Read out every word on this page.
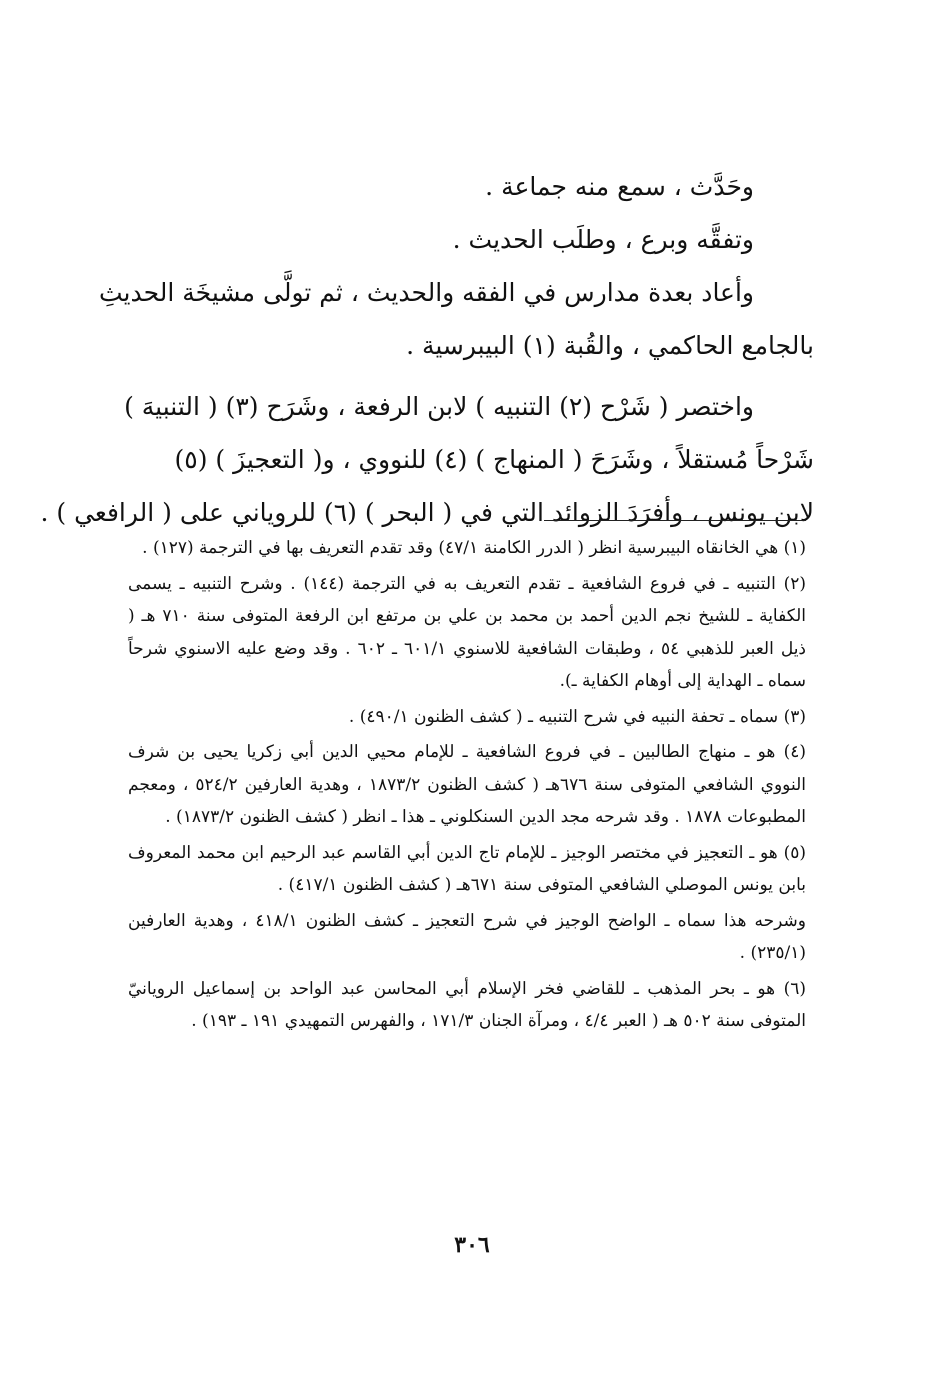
وحَدَّث ، سمع منه جماعة .

وتفقَّه وبرع ، وطلَب الحديث .

وأعاد بعدة مدارس في الفقه والحديث ، ثم تولَّى مشيخَة الحديثِ

بالجامع الحاكمي ، والقُبة (١) البيبرسية .

واختصر ( شَرْح (٢) التنبيه ) لابن الرفعة ، وشَرَح (٣) ( التنبيهَ )

شَرْحاً مُستقلاً ، وشَرَحَ ( المنهاج ) (٤) للنووي ، و( التعجيزَ ) (٥)

لابن يونس ، وأفرَدَ الزوائد التي في ( البحر ) (٦) للروياني على ( الرافعي ) .

(١) هي الخانقاه البيبرسية انظر ( الدرر الكامنة ٤٧/١) وقد تقدم التعريف بها في الترجمة (١٢٧) .

(٢) التنبيه ـ في فروع الشافعية ـ تقدم التعريف به في الترجمة (١٤٤) . وشرح التنبيه ـ يسمى الكفاية ـ للشيخ نجم الدين أحمد بن محمد بن علي بن مرتفع ابن الرفعة المتوفى سنة ٧١٠ هـ ( ذيل العبر للذهبي ٥٤ ، وطبقات الشافعية للاسنوي ٦٠١/١ ـ ٦٠٢ . وقد وضع عليه الاسنوي شرحاً سماه ـ الهداية إلى أوهام الكفاية ـ).

(٣) سماه ـ تحفة النبيه في شرح التنبيه ـ ( كشف الظنون ٤٩٠/١) .

(٤) هو ـ منهاج الطالبين ـ في فروع الشافعية ـ للإمام محيي الدين أبي زكريا يحيى بن شرف النووي الشافعي المتوفى سنة ٦٧٦هـ ( كشف الظنون ١٨٧٣/٢ ، وهدية العارفين ٥٢٤/٢ ، ومعجم المطبوعات ١٨٧٨ . وقد شرحه مجد الدين السنكلوني ـ هذا ـ انظر ( كشف الظنون ١٨٧٣/٢) .

(٥) هو ـ التعجيز في مختصر الوجيز ـ للإمام تاج الدين أبي القاسم عبد الرحيم ابن محمد المعروف بابن يونس الموصلي الشافعي المتوفى سنة ٦٧١هـ ( كشف الظنون ٤١٧/١) .

وشرحه هذا سماه ـ الواضح الوجيز في شرح التعجيز ـ كشف الظنون ٤١٨/١ ، وهدية العارفين (٢٣٥/١) .

(٦) هو ـ بحر المذهب ـ للقاضي فخر الإسلام أبي المحاسن عبد الواحد بن إسماعيل الرويانيّ المتوفى سنة ٥٠٢ هـ ( العبر ٤/٤ ، ومرآة الجنان ١٧١/٣ ، والفهرس التمهيدي ١٩١ ـ ١٩٣) .

٣٠٦
